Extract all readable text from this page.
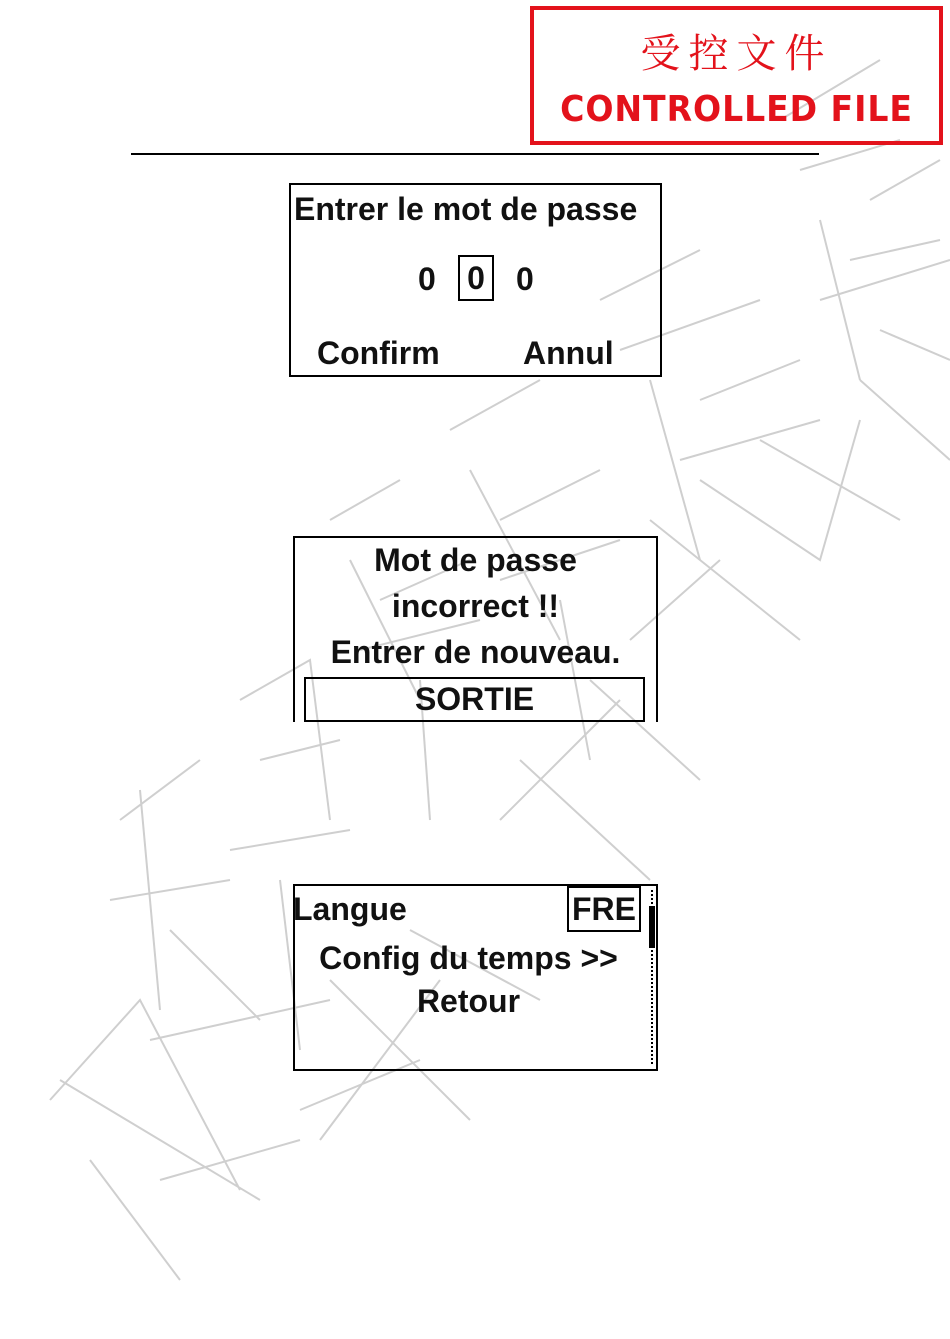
受控文件
CONTROLLED FILE
Entrer le mot de passe
0 0 0
Confirm	Annul
Mot de passe
incorrect !!
Entrer de nouveau.
SORTIE
Langue	FRE
Config du temps >>
Retour
